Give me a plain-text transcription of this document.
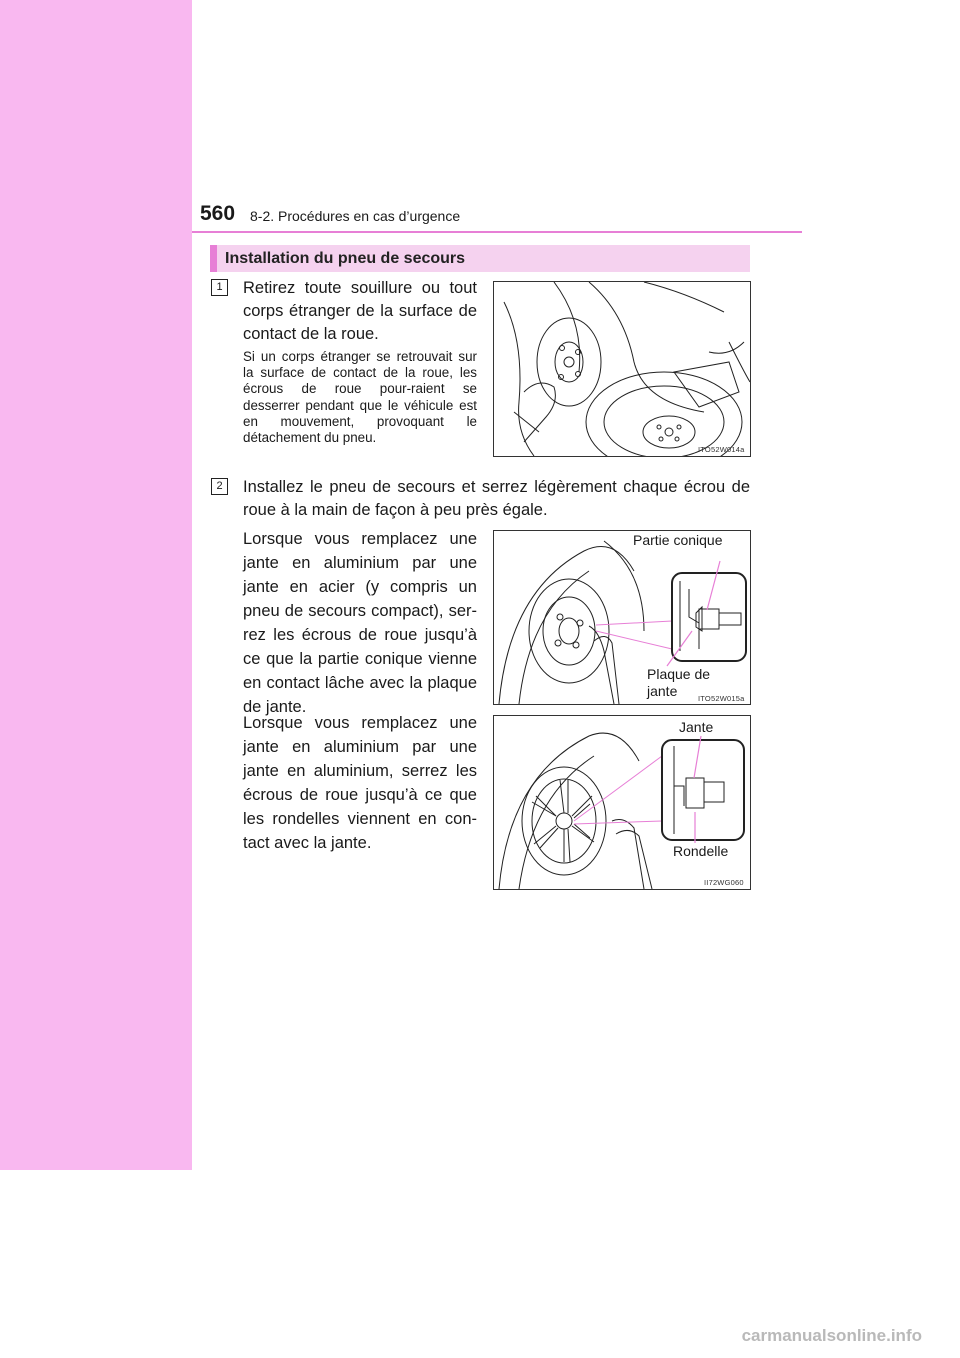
560 8-2. Procédures en cas d’urgence
Installation du pneu de secours
1	Retirez toute souillure ou tout corps étranger de la surface de contact de la roue.
Si un corps étranger se retrouvait sur la surface de contact de la roue, les écrous de roue pour-raient se desserrer pendant que le véhicule est en mouvement, provoquant le détachement du pneu.
ITO52W014a
2	Installez le pneu de secours et serrez légèrement chaque écrou de roue à la main de façon à peu près égale.
Lorsque vous remplacez une jante en aluminium par une jante en acier (y compris un pneu de secours compact), ser-rez les écrous de roue jusqu’à ce que la partie conique vienne en contact lâche avec la plaque de jante.
Lorsque vous remplacez une jante en aluminium par une jante en aluminium, serrez les écrous de roue jusqu’à ce que les rondelles viennent en con-tact avec la jante.
Partie conique
Plaque de
jante	ITO52W015a
Jante
Rondelle
II72WG060
carmanualsonline.info
